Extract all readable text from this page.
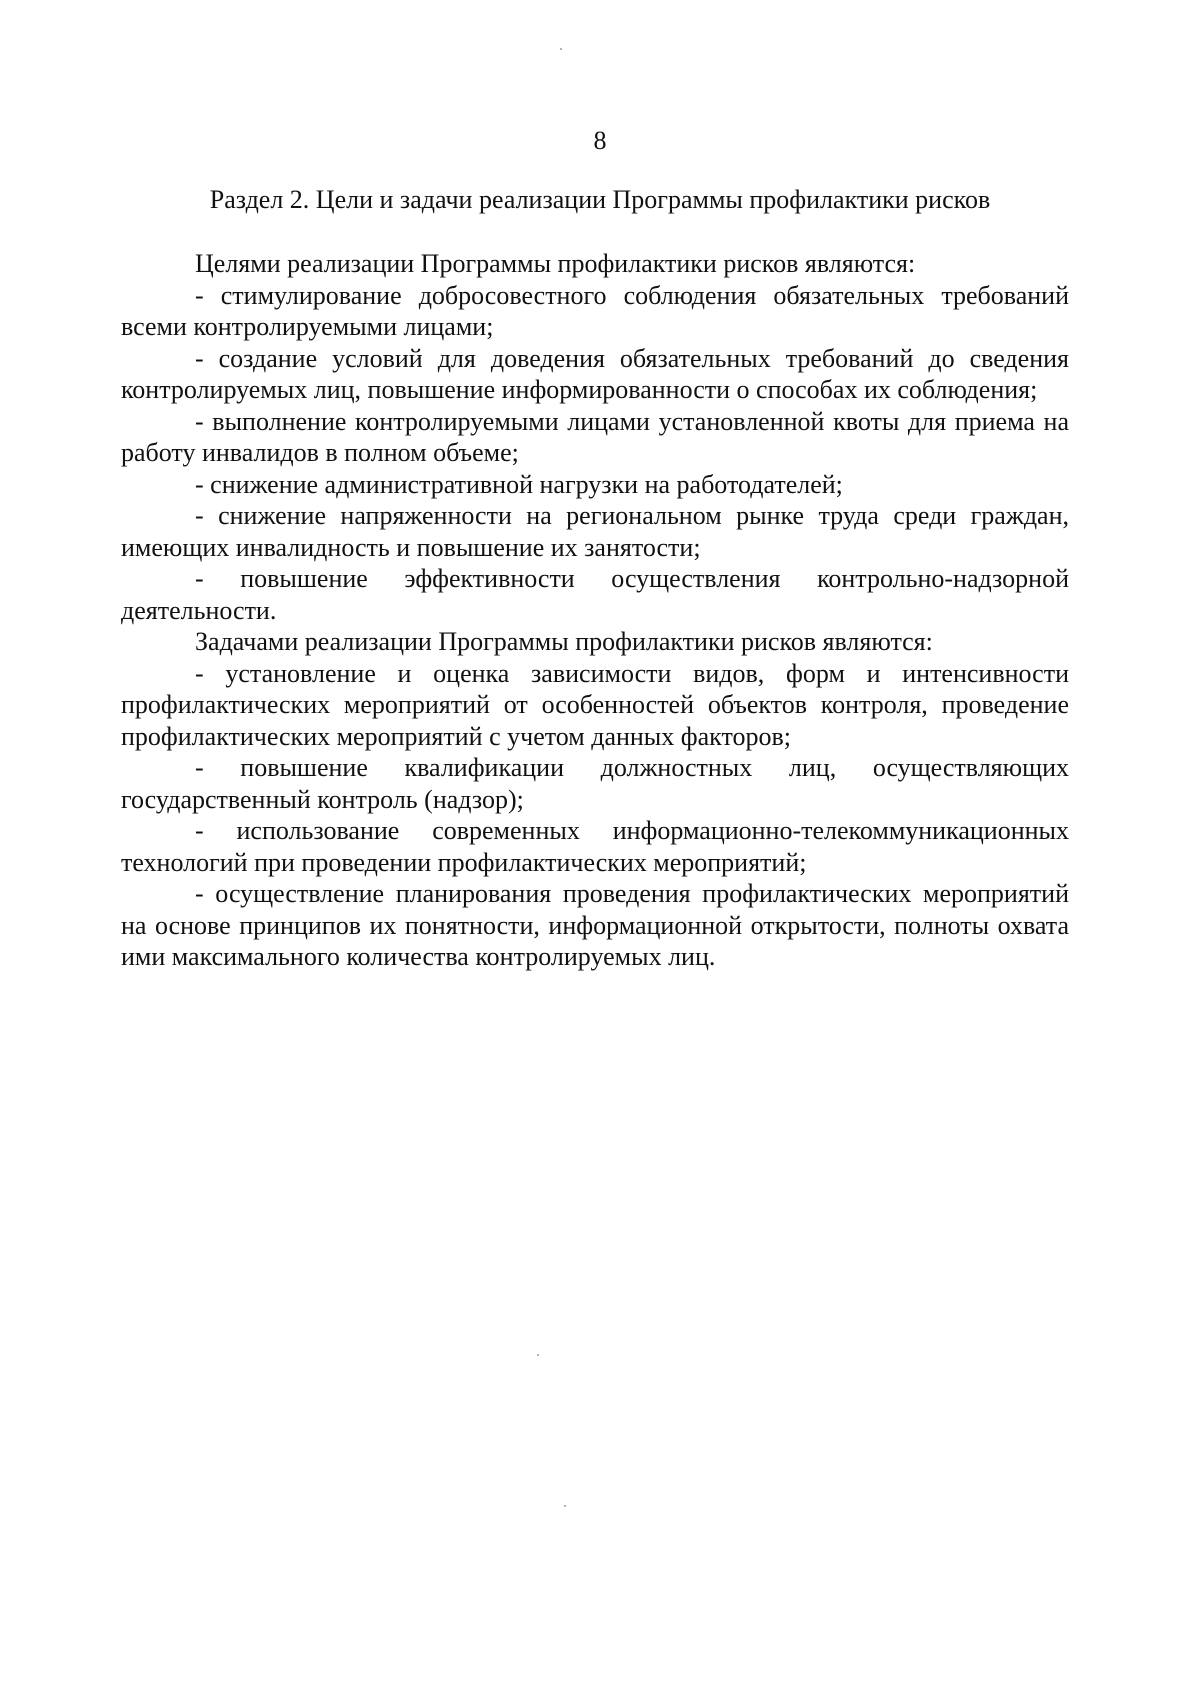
8
Раздел 2. Цели и задачи реализации Программы профилактики рисков

Целями реализации Программы профилактики рисков являются:

- стимулирование добросовестного соблюдения обязательных требований всеми контролируемыми лицами;

- создание условий для доведения обязательных требований до сведения контролируемых лиц, повышение информированности о способах их соблюдения;

- выполнение контролируемыми лицами установленной квоты для приема на работу инвалидов в полном объеме;

- снижение административной нагрузки на работодателей;

- снижение напряженности на региональном рынке труда среди граждан, имеющих инвалидность и повышение их занятости;

- повышение эффективности осуществления контрольно-надзорной деятельности.

Задачами реализации Программы профилактики рисков являются:

- установление и оценка зависимости видов, форм и интенсивности профилактических мероприятий от особенностей объектов контроля, проведение профилактических мероприятий с учетом данных факторов;

- повышение квалификации должностных лиц, осуществляющих государственный контроль (надзор);

- использование современных информационно-телекоммуникационных технологий при проведении профилактических мероприятий;

- осуществление планирования проведения профилактических мероприятий на основе принципов их понятности, информационной открытости, полноты охвата ими максимального количества контролируемых лиц.
